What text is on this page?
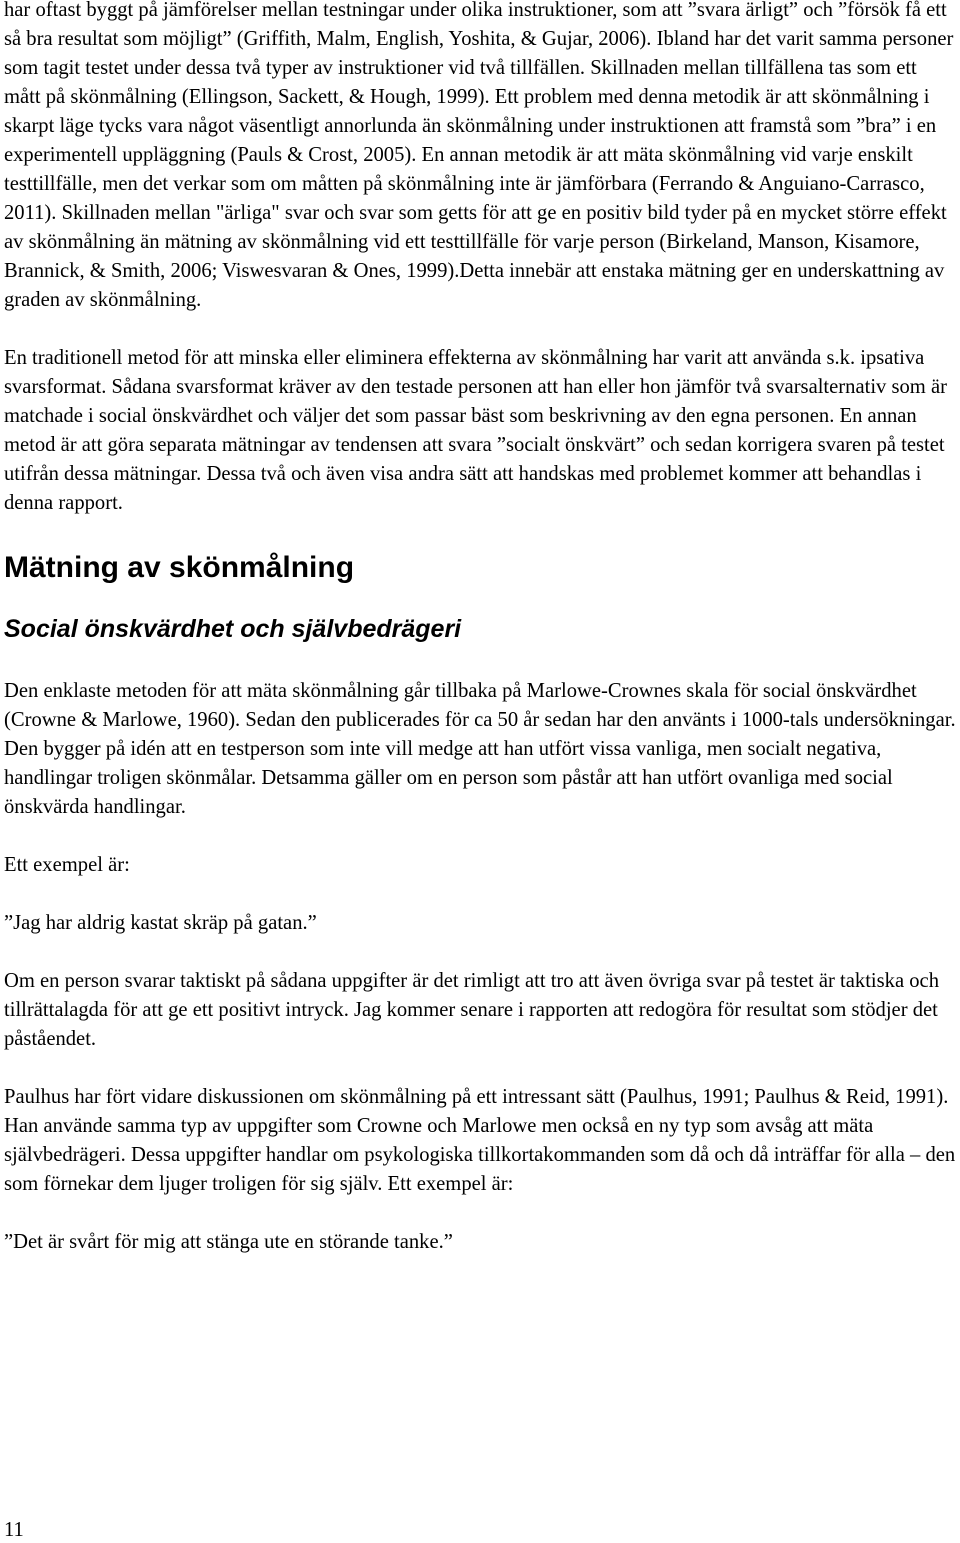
har oftast byggt på jämförelser mellan testningar under olika instruktioner, som att ”svara ärligt” och ”försök få ett så bra resultat som möjligt” (Griffith, Malm, English, Yoshita, & Gujar, 2006). Ibland har det varit samma personer som tagit testet under dessa två typer av instruktioner vid två tillfällen. Skillnaden mellan tillfällena tas som ett mått på skönmålning (Ellingson, Sackett, & Hough, 1999). Ett problem med denna metodik är att skönmålning i skarpt läge tycks vara något väsentligt annorlunda än skönmålning under instruktionen att framstå som ”bra” i en experimentell uppläggning (Pauls & Crost, 2005). En annan metodik är att mäta skönmålning vid varje enskilt testtillfälle, men det verkar som om måtten på skönmålning inte är jämförbara (Ferrando & Anguiano-Carrasco, 2011). Skillnaden mellan "ärliga" svar och svar som getts för att ge en positiv bild tyder på en mycket större effekt av skönmålning än mätning av skönmålning vid ett testtillfälle för varje person (Birkeland, Manson, Kisamore, Brannick, & Smith, 2006; Viswesvaran & Ones, 1999).Detta innebär att enstaka mätning ger en underskattning av graden av skönmålning.

En traditionell metod för att minska eller eliminera effekterna av skönmålning har varit att använda s.k. ipsativa svarsformat. Sådana svarsformat kräver av den testade personen att han eller hon jämför två svarsalternativ som är matchade i social önskvärdhet och väljer det som passar bäst som beskrivning av den egna personen. En annan metod är att göra separata mätningar av tendensen att svara ”socialt önskvärt” och sedan korrigera svaren på testet utifrån dessa mätningar. Dessa två och även visa andra sätt att handskas med problemet kommer att behandlas i denna rapport.

Mätning av skönmålning
Social önskvärdhet och självbedrägeri

Den enklaste metoden för att mäta skönmålning går tillbaka på Marlowe-Crownes skala för social önskvärdhet (Crowne & Marlowe, 1960). Sedan den publicerades för ca 50 år sedan har den använts i 1000-tals undersökningar. Den bygger på idén att en testperson som inte vill medge att han utfört vissa vanliga, men socialt negativa, handlingar troligen skönmålar. Detsamma gäller om en person som påstår att han utfört ovanliga med social önskvärda handlingar.

Ett exempel är:

”Jag har aldrig kastat skräp på gatan.”

Om en person svarar taktiskt på sådana uppgifter är det rimligt att tro att även övriga svar på testet är taktiska och tillrättalagda för att ge ett positivt intryck. Jag kommer senare i rapporten att redogöra för resultat som stödjer det påståendet.

Paulhus har fört vidare diskussionen om skönmålning på ett intressant sätt (Paulhus, 1991; Paulhus & Reid, 1991). Han använde samma typ av uppgifter som Crowne och Marlowe men också en ny typ som avsåg att mäta självbedrägeri. Dessa uppgifter handlar om psykologiska tillkortakommanden som då och då inträffar för alla – den som förnekar dem ljuger troligen för sig själv. Ett exempel är:

”Det är svårt för mig att stänga ute en störande tanke.”

11
